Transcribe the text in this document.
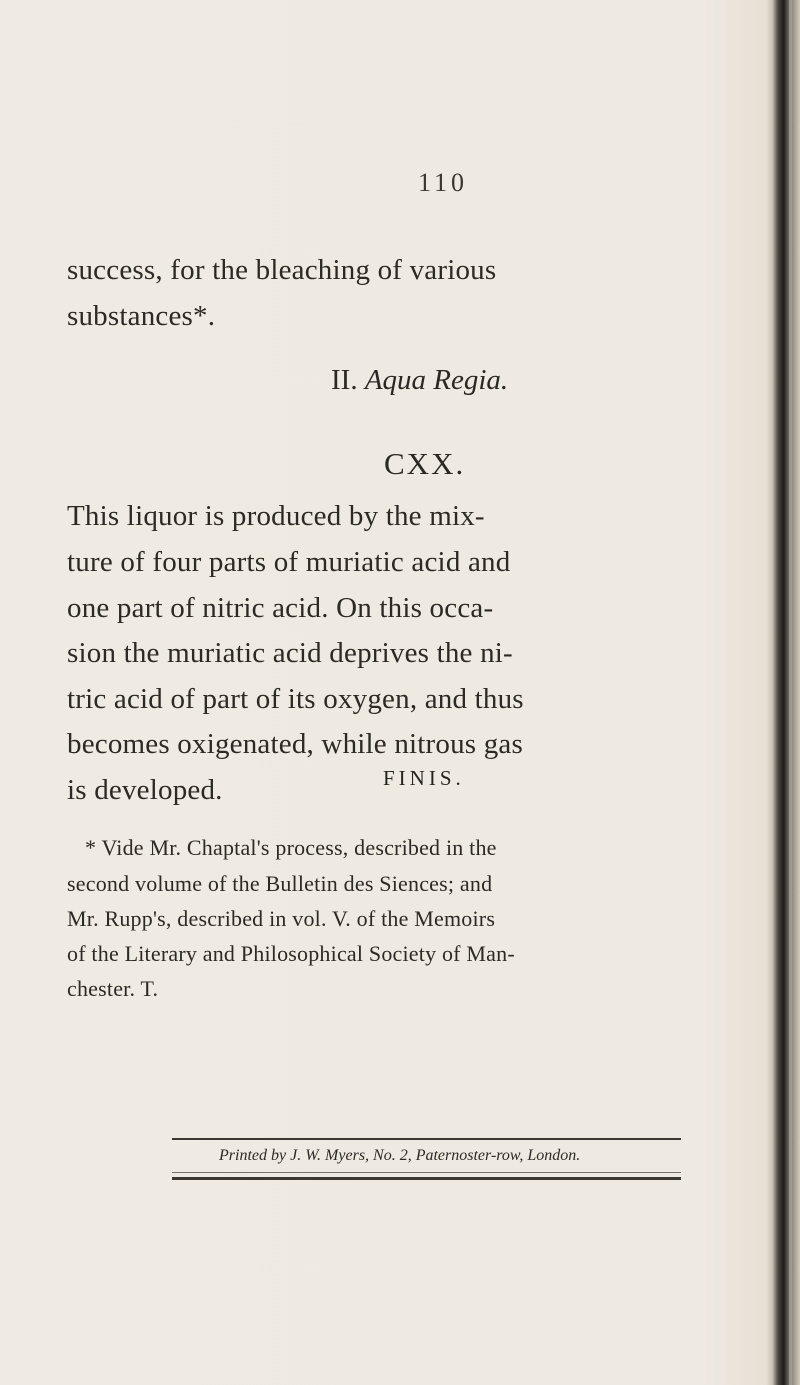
110
success, for the bleaching of various
substances*.
II. Aqua Regia.
CXX.
This liquor is produced by the mix-
ture of four parts of muriatic acid and
one part of nitric acid. On this occa-
sion the muriatic acid deprives the ni-
tric acid of part of its oxygen, and thus
becomes oxigenated, while nitrous gas
is developed.
* Vide Mr. Chaptal's process, described in the
second volume of the Bulletin des Siences; and
Mr. Rupp's, described in vol. V. of the Memoirs
of the Literary and Philosophical Society of Man-
chester. T.
FINIS.
Printed by J. W. Myers, No. 2, Paternoster-row, London.
